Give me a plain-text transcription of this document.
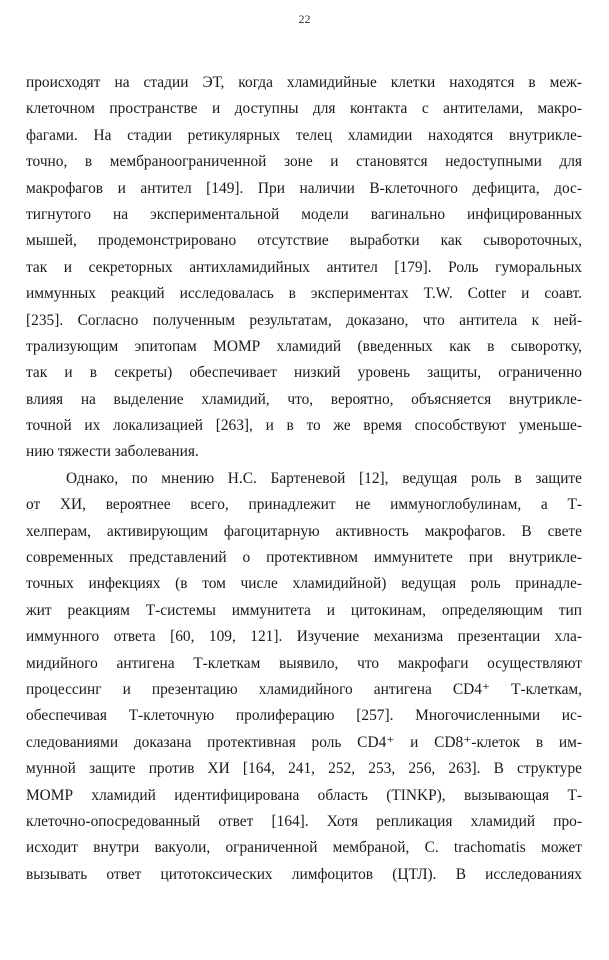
22
происходят на стадии ЭТ, когда хламидийные клетки находятся в меж-
клеточном пространстве и доступны для контакта с антителами, макро-
фагами. На стадии ретикулярных телец хламидии находятся внутрикле-
точно, в мембраноограниченной зоне и становятся недоступными для
макрофагов и антител [149]. При наличии В-клеточного дефицита, дос-
тигнутого на экспериментальной модели вагинально инфицированных
мышей, продемонстрировано отсутствие выработки как сывороточных,
так и секреторных антихламидийных антител [179]. Роль гуморальных
иммунных реакций исследовалась в экспериментах T.W. Cotter и соавт.
[235]. Согласно полученным результатам, доказано, что антитела к ней-
трализующим эпитопам МОМР хламидий (введенных как в сыворотку,
так и в секреты) обеспечивает низкий уровень защиты, ограниченно
влияя на выделение хламидий, что, вероятно, объясняется внутрикле-
точной их локализацией [263], и в то же время способствуют уменьше-
нию тяжести заболевания.
Однако, по мнению Н.С. Бартеневой [12], ведущая роль в защите
от ХИ, вероятнее всего, принадлежит не иммуноглобулинам, а Т-
хелперам, активирующим фагоцитарную активность макрофагов. В свете
современных представлений о протективном иммунитете при внутрикле-
точных инфекциях (в том числе хламидийной) ведущая роль принадле-
жит реакциям Т-системы иммунитета и цитокинам, определяющим тип
иммунного ответа [60, 109, 121]. Изучение механизма презентации хла-
мидийного антигена Т-клеткам выявило, что макрофаги осуществляют
процессинг и презентацию хламидийного антигена CD4⁺ Т-клеткам,
обеспечивая Т-клеточную пролиферацию [257]. Многочисленными ис-
следованиями доказана протективная роль CD4⁺ и CD8⁺-клеток в им-
мунной защите против ХИ [164, 241, 252, 253, 256, 263]. В структуре
МОМР хламидий идентифицирована область (TINKP), вызывающая Т-
клеточно-опосредованный ответ [164]. Хотя репликация хламидий про-
исходит внутри вакуоли, ограниченной мембраной, C. trachomatis может
вызывать ответ цитотоксических лимфоцитов (ЦТЛ). В исследованиях
